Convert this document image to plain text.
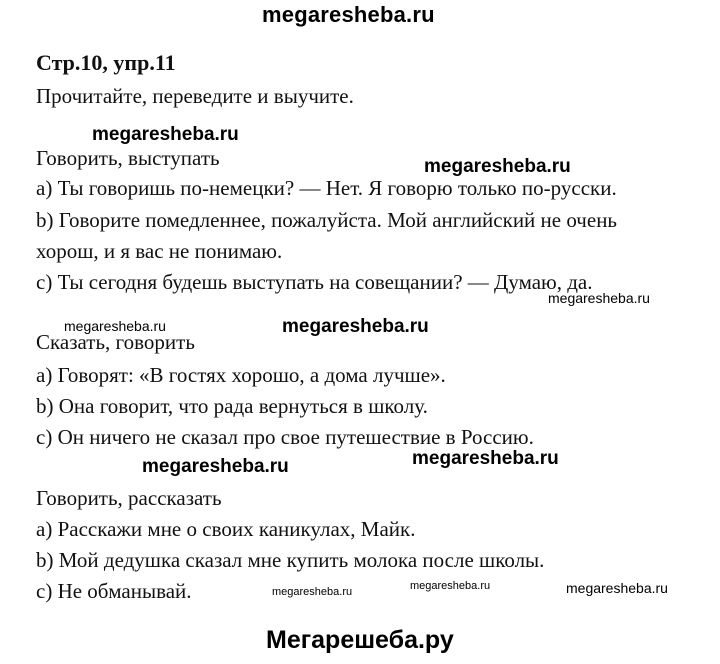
megaresheba.ru
Стр.10, упр.11
Прочитайте, переведите и выучите.
megaresheba.ru
Говорить, выступать	megaresheba.ru
a) Ты говоришь по-немецки? — Нет. Я говорю только по-русски.
b) Говорите помедленнее, пожалуйста. Мой английский не очень
хорош, и я вас не понимаю.
c) Ты сегодня будешь выступать на совещании? — Думаю, да.
megaresheba.ru
megaresheba.ru	megaresheba.ru
Сказать, говорить
a) Говорят: «В гостях хорошо, а дома лучше».
b) Она говорит, что рада вернуться в школу.
c) Он ничего не сказал про свое путешествие в Россию.
megaresheba.ru	megaresheba.ru
Говорить, рассказать
a) Расскажи мне о своих каникулах, Майк.
b) Мой дедушка сказал мне купить молока после школы.
c) Не обманывай.	megaresheba.ru	megaresheba.ru	megaresheba.ru
Мегарешеба.ру
